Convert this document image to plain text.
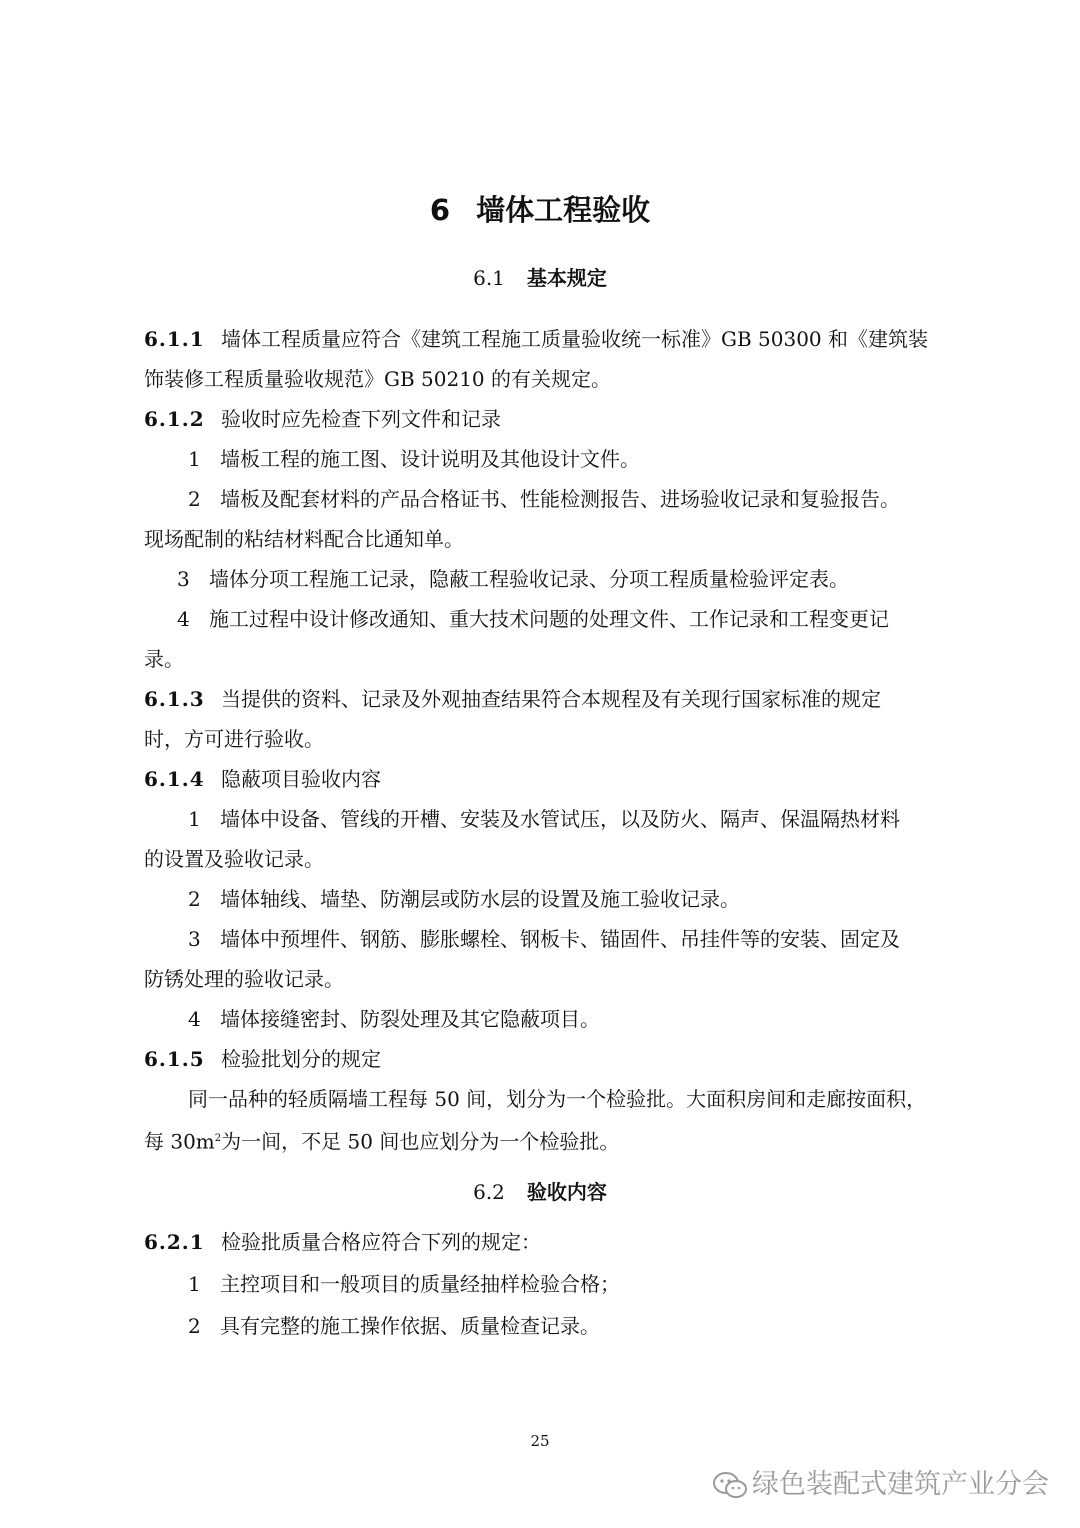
6 墙体工程验收
6.1 基本规定
6.1.1 墙体工程质量应符合《建筑工程施工质量验收统一标准》GB 50300 和《建筑装
饰装修工程质量验收规范》GB 50210 的有关规定。
6.1.2 验收时应先检查下列文件和记录
1 墙板工程的施工图、设计说明及其他设计文件。
2 墙板及配套材料的产品合格证书、性能检测报告、进场验收记录和复验报告。
现场配制的粘结材料配合比通知单。
3 墙体分项工程施工记录，隐蔽工程验收记录、分项工程质量检验评定表。
4 施工过程中设计修改通知、重大技术问题的处理文件、工作记录和工程变更记
录。
6.1.3 当提供的资料、记录及外观抽查结果符合本规程及有关现行国家标准的规定
时，方可进行验收。
6.1.4 隐蔽项目验收内容
1 墙体中设备、管线的开槽、安装及水管试压，以及防火、隔声、保温隔热材料
的设置及验收记录。
2 墙体轴线、墙垫、防潮层或防水层的设置及施工验收记录。
3 墙体中预埋件、钢筋、膨胀螺栓、钢板卡、锚固件、吊挂件等的安装、固定及
防锈处理的验收记录。
4 墙体接缝密封、防裂处理及其它隐蔽项目。
6.1.5 检验批划分的规定
同一品种的轻质隔墙工程每 50 间，划分为一个检验批。大面积房间和走廊按面积，
每 $30m^2$为一间，不足 50 间也应划分为一个检验批。
6.2 验收内容
6.2.1 检验批质量合格应符合下列的规定：
1 主控项目和一般项目的质量经抽样检验合格；
2 具有完整的施工操作依据、质量检查记录。
25
绿色装配式建筑产业分会
